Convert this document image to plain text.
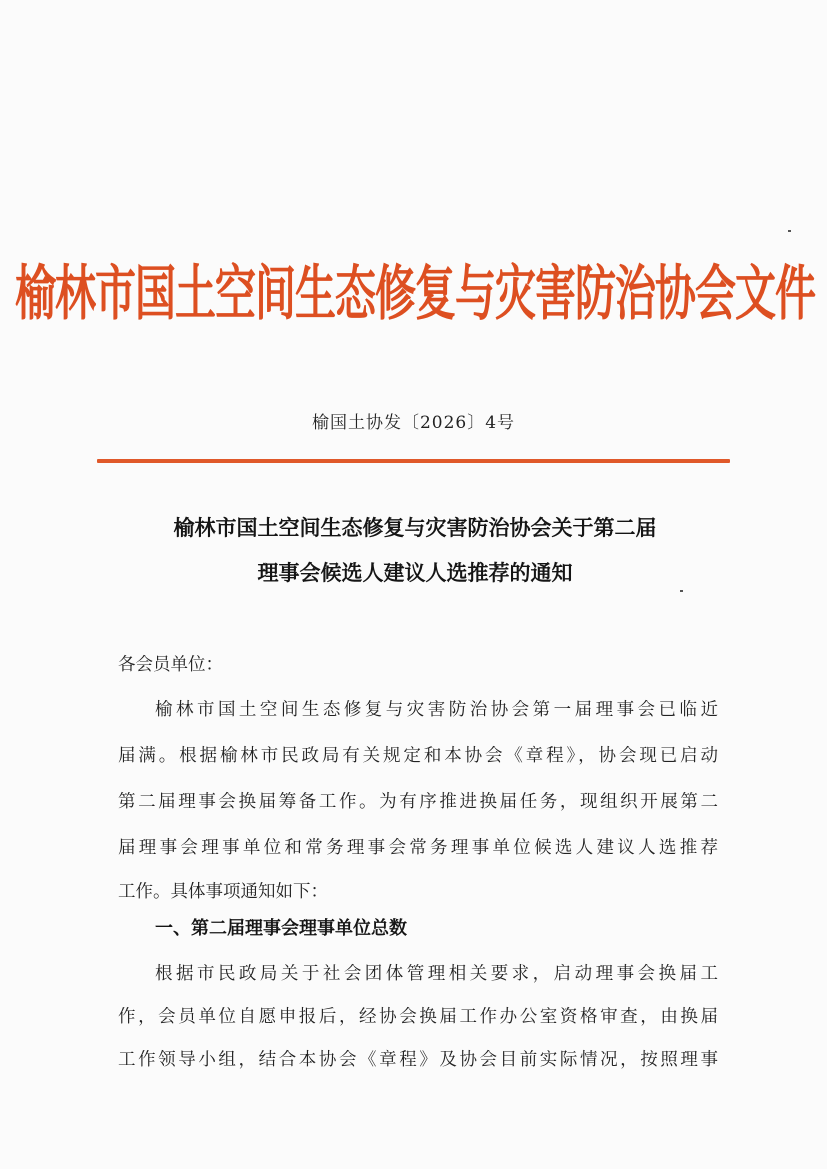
榆林市国土空间生态修复与灾害防治协会文件
榆国土协发〔2026〕4号
榆林市国土空间生态修复与灾害防治协会关于第二届
理事会候选人建议人选推荐的通知
各会员单位：
榆林市国土空间生态修复与灾害防治协会第一届理事会已临近
届满。根据榆林市民政局有关规定和本协会《章程》，协会现已启动
第二届理事会换届筹备工作。为有序推进换届任务，现组织开展第二
届理事会理事单位和常务理事会常务理事单位候选人建议人选推荐
工作。具体事项通知如下：
一、第二届理事会理事单位总数
根据市民政局关于社会团体管理相关要求，启动理事会换届工
作，会员单位自愿申报后，经协会换届工作办公室资格审查，由换届
工作领导小组，结合本协会《章程》及协会目前实际情况，按照理事
